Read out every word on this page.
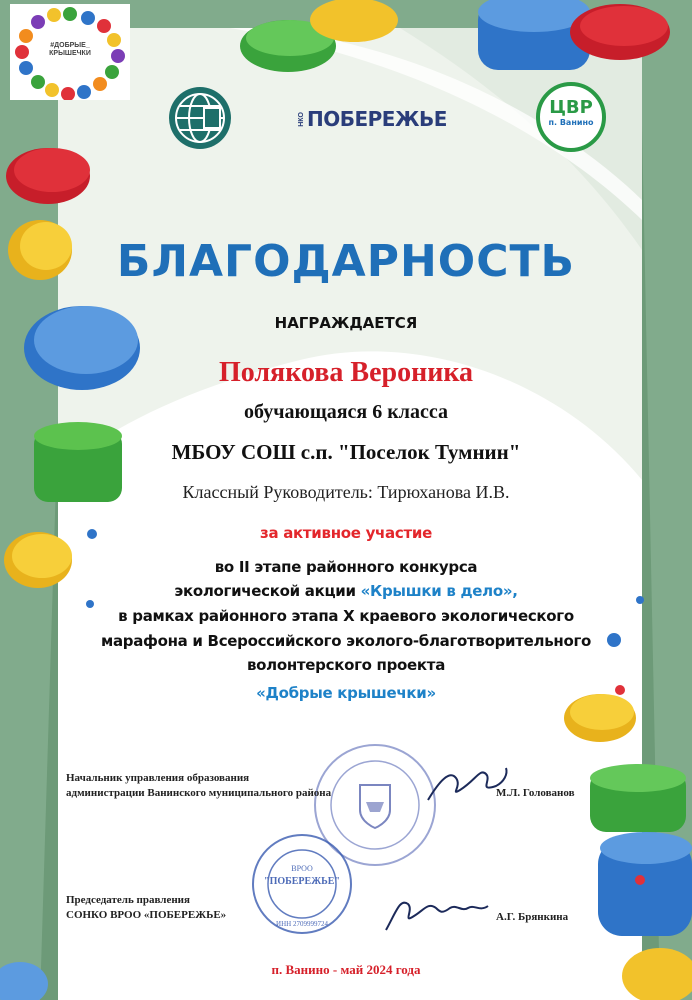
#ДОБРЫЕ_ КРЫШЕЧКИ
НКО ПОБЕРЕЖЬЕ	ЦВР
п. Ванино
БЛАГОДАРНОСТЬ
НАГРАЖДАЕТСЯ
Полякова Вероника
обучающаяся 6 класса
МБОУ СОШ с.п. "Поселок Тумнин"
Классный Руководитель: Тирюханова И.В.
за активное участие
во II этапе районного конкурса
экологической акции «Крышки в дело»,
в рамках районного этапа Х краевого экологического
марафона и Всероссийского эколого-благотворительного
волонтерского проекта
«Добрые крышечки»
ВРОО
"ПОБЕРЕЖЬЕ"
ИНН 2709999724
Начальник управления образования
администрации Ванинского муниципального района	М.Л. Голованов
Председатель правления
СОНКО ВРОО «ПОБЕРЕЖЬЕ»	А.Г. Брянкина
п. Ванино - май 2024 года
